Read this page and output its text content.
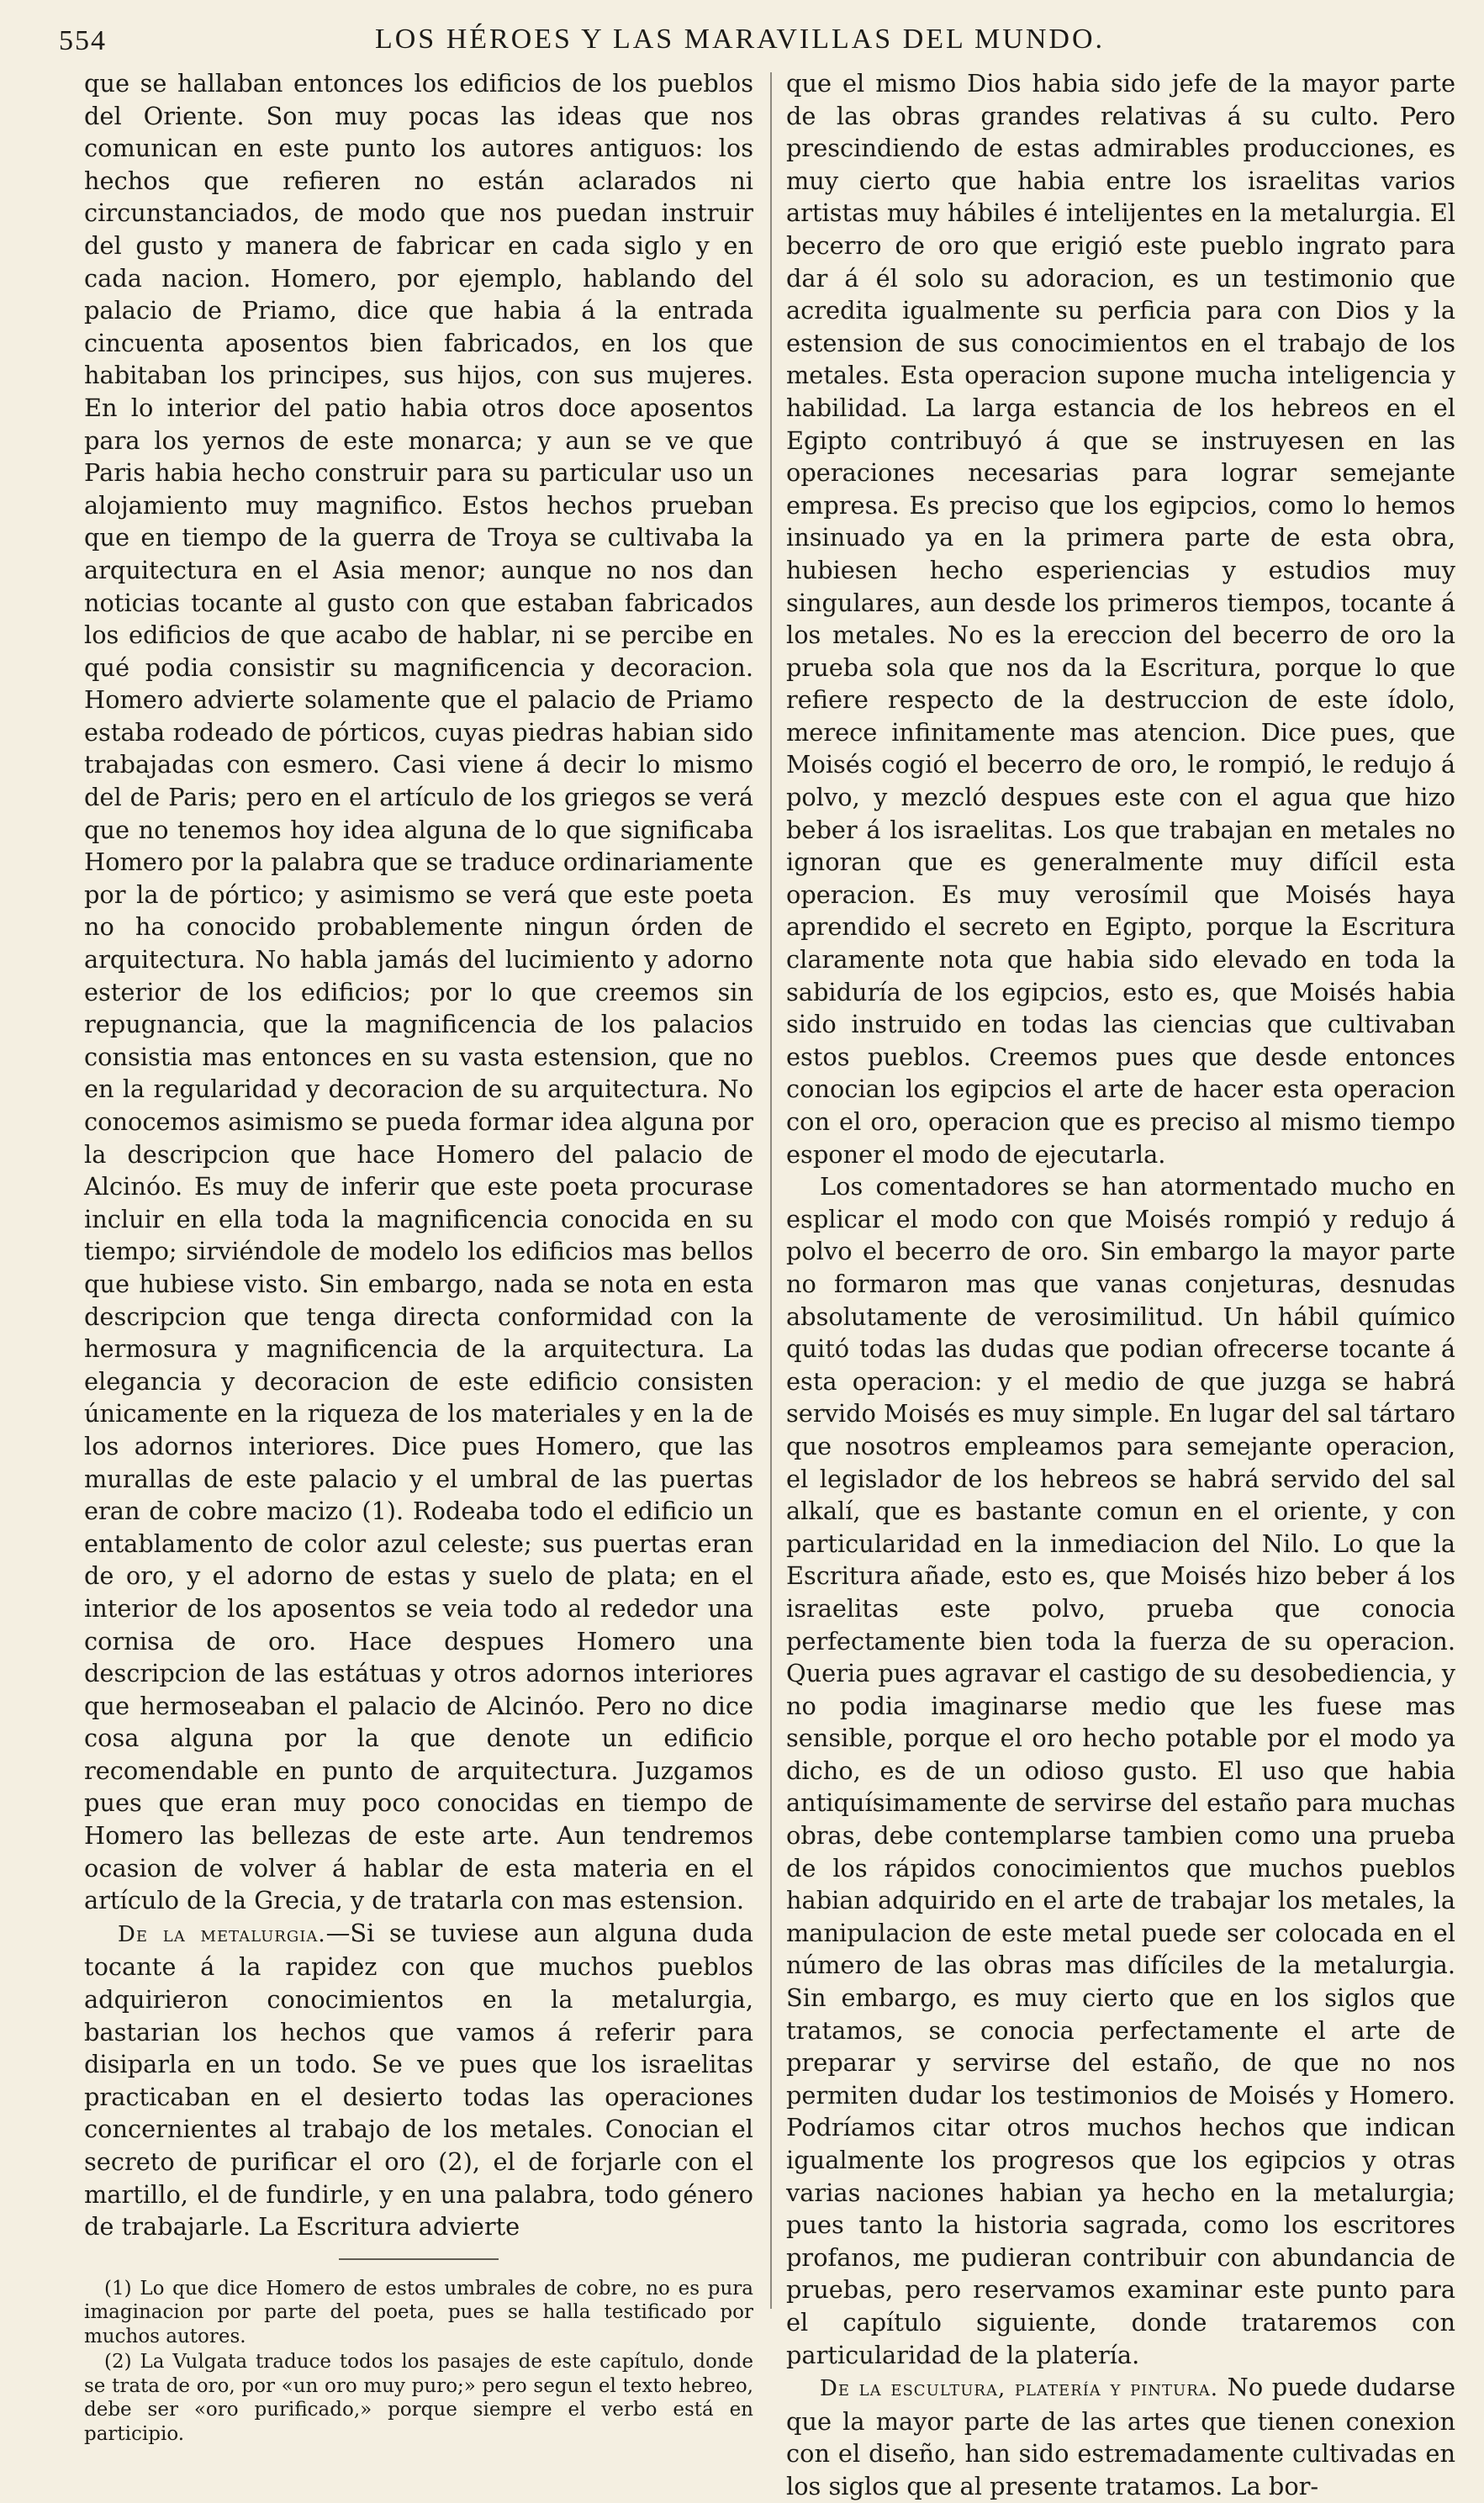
554	LOS HÉROES Y LAS MARAVILLAS DEL MUNDO.

que se hallaban entonces los edificios de los pueblos del Oriente. Son muy pocas las ideas que nos comunican en este punto los autores antiguos: los hechos que refieren no están aclarados ni circunstanciados, de modo que nos puedan instruir del gusto y manera de fabricar en cada siglo y en cada nacion. Homero, por ejemplo, hablando del palacio de Priamo, dice que habia á la entrada cincuenta aposentos bien fabricados, en los que habitaban los principes, sus hijos, con sus mujeres. En lo interior del patio habia otros doce aposentos para los yernos de este monarca; y aun se ve que Paris habia hecho construir para su particular uso un alojamiento muy magnifico. Estos hechos prueban que en tiempo de la guerra de Troya se cultivaba la arquitectura en el Asia menor; aunque no nos dan noticias tocante al gusto con que estaban fabricados los edificios de que acabo de hablar, ni se percibe en qué podia consistir su magnificencia y decoracion. Homero advierte solamente que el palacio de Priamo estaba rodeado de pórticos, cuyas piedras habian sido trabajadas con esmero. Casi viene á decir lo mismo del de Paris; pero en el artículo de los griegos se verá que no tenemos hoy idea alguna de lo que significaba Homero por la palabra que se traduce ordinariamente por la de pórtico; y asimismo se verá que este poeta no ha conocido probablemente ningun órden de arquitectura. No habla jamás del lucimiento y adorno esterior de los edificios; por lo que creemos sin repugnancia, que la magnificencia de los palacios consistia mas entonces en su vasta estension, que no en la regularidad y decoracion de su arquitectura. No conocemos asimismo se pueda formar idea alguna por la descripcion que hace Homero del palacio de Alcinóo. Es muy de inferir que este poeta procurase incluir en ella toda la magnificencia conocida en su tiempo; sirviéndole de modelo los edificios mas bellos que hubiese visto. Sin embargo, nada se nota en esta descripcion que tenga directa conformidad con la hermosura y magnificencia de la arquitectura. La elegancia y decoracion de este edificio consisten únicamente en la riqueza de los materiales y en la de los adornos interiores. Dice pues Homero, que las murallas de este palacio y el umbral de las puertas eran de cobre macizo (1). Rodeaba todo el edificio un entablamento de color azul celeste; sus puertas eran de oro, y el adorno de estas y suelo de plata; en el interior de los aposentos se veia todo al rededor una cornisa de oro. Hace despues Homero una descripcion de las estátuas y otros adornos interiores que hermoseaban el palacio de Alcinóo. Pero no dice cosa alguna por la que denote un edificio recomendable en punto de arquitectura. Juzgamos pues que eran muy poco conocidas en tiempo de Homero las bellezas de este arte. Aun tendremos ocasion de volver á hablar de esta materia en el artículo de la Grecia, y de tratarla con mas estension.

De la metalurgia.—Si se tuviese aun alguna duda tocante á la rapidez con que muchos pueblos adquirieron conocimientos en la metalurgia, bastarian los hechos que vamos á referir para disiparla en un todo. Se ve pues que los israelitas practicaban en el desierto todas las operaciones concernientes al trabajo de los metales. Conocian el secreto de purificar el oro (2), el de forjarle con el martillo, el de fundirle, y en una palabra, todo género de trabajarle. La Escritura advierte

(1) Lo que dice Homero de estos umbrales de cobre, no es pura imaginacion por parte del poeta, pues se halla testificado por muchos autores.

(2) La Vulgata traduce todos los pasajes de este capítulo, donde se trata de oro, por «un oro muy puro;» pero segun el texto hebreo, debe ser «oro purificado,» porque siempre el verbo está en participio.

que el mismo Dios habia sido jefe de la mayor parte de las obras grandes relativas á su culto. Pero prescindiendo de estas admirables producciones, es muy cierto que habia entre los israelitas varios artistas muy hábiles é intelijentes en la metalurgia. El becerro de oro que erigió este pueblo ingrato para dar á él solo su adoracion, es un testimonio que acredita igualmente su perficia para con Dios y la estension de sus conocimientos en el trabajo de los metales. Esta operacion supone mucha inteligencia y habilidad. La larga estancia de los hebreos en el Egipto contribuyó á que se instruyesen en las operaciones necesarias para lograr semejante empresa. Es preciso que los egipcios, como lo hemos insinuado ya en la primera parte de esta obra, hubiesen hecho esperiencias y estudios muy singulares, aun desde los primeros tiempos, tocante á los metales. No es la ereccion del becerro de oro la prueba sola que nos da la Escritura, porque lo que refiere respecto de la destruccion de este ídolo, merece infinitamente mas atencion. Dice pues, que Moisés cogió el becerro de oro, le rompió, le redujo á polvo, y mezcló despues este con el agua que hizo beber á los israelitas. Los que trabajan en metales no ignoran que es generalmente muy difícil esta operacion. Es muy verosímil que Moisés haya aprendido el secreto en Egipto, porque la Escritura claramente nota que habia sido elevado en toda la sabiduría de los egipcios, esto es, que Moisés habia sido instruido en todas las ciencias que cultivaban estos pueblos. Creemos pues que desde entonces conocian los egipcios el arte de hacer esta operacion con el oro, operacion que es preciso al mismo tiempo esponer el modo de ejecutarla.

Los comentadores se han atormentado mucho en esplicar el modo con que Moisés rompió y redujo á polvo el becerro de oro. Sin embargo la mayor parte no formaron mas que vanas conjeturas, desnudas absolutamente de verosimilitud. Un hábil químico quitó todas las dudas que podian ofrecerse tocante á esta operacion: y el medio de que juzga se habrá servido Moisés es muy simple. En lugar del sal tártaro que nosotros empleamos para semejante operacion, el legislador de los hebreos se habrá servido del sal alkalí, que es bastante comun en el oriente, y con particularidad en la inmediacion del Nilo. Lo que la Escritura añade, esto es, que Moisés hizo beber á los israelitas este polvo, prueba que conocia perfectamente bien toda la fuerza de su operacion. Queria pues agravar el castigo de su desobediencia, y no podia imaginarse medio que les fuese mas sensible, porque el oro hecho potable por el modo ya dicho, es de un odioso gusto. El uso que habia antiquísimamente de servirse del estaño para muchas obras, debe contemplarse tambien como una prueba de los rápidos conocimientos que muchos pueblos habian adquirido en el arte de trabajar los metales, la manipulacion de este metal puede ser colocada en el número de las obras mas difíciles de la metalurgia. Sin embargo, es muy cierto que en los siglos que tratamos, se conocia perfectamente el arte de preparar y servirse del estaño, de que no nos permiten dudar los testimonios de Moisés y Homero. Podríamos citar otros muchos hechos que indican igualmente los progresos que los egipcios y otras varias naciones habian ya hecho en la metalurgia; pues tanto la historia sagrada, como los escritores profanos, me pudieran contribuir con abundancia de pruebas, pero reservamos examinar este punto para el capítulo siguiente, donde trataremos con particularidad de la platería.

De la escultura, platería y pintura. No puede dudarse que la mayor parte de las artes que tienen conexion con el diseño, han sido estremadamente cultivadas en los siglos que al presente tratamos. La bor-
